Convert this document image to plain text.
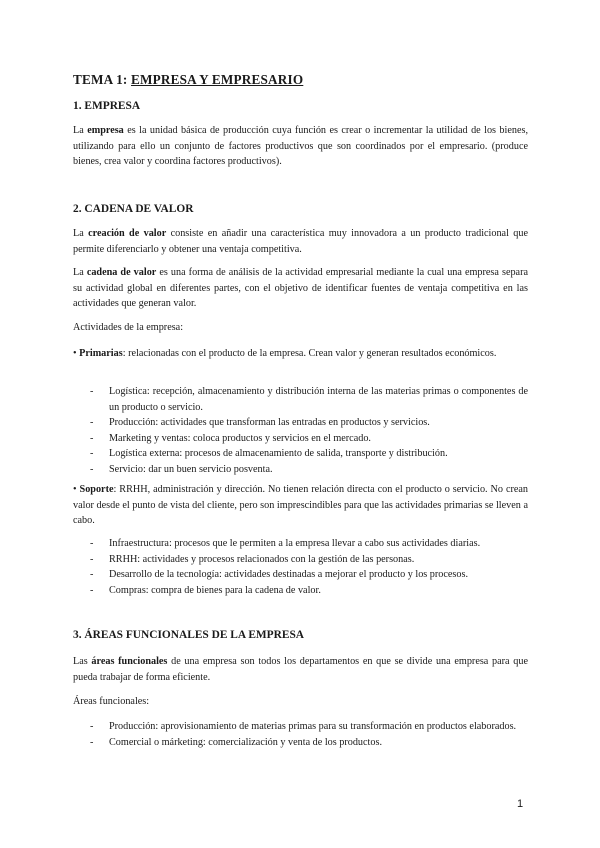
TEMA 1: EMPRESA Y EMPRESARIO
1. EMPRESA

La empresa es la unidad básica de producción cuya función es crear o incrementar la utilidad de los bienes, utilizando para ello un conjunto de factores productivos que son coordinados por el empresario. (produce bienes, crea valor y coordina factores productivos).

2. CADENA DE VALOR

La creación de valor consiste en añadir una característica muy innovadora a un producto tradicional que permite diferenciarlo y obtener una ventaja competitiva.

La cadena de valor es una forma de análisis de la actividad empresarial mediante la cual una empresa separa su actividad global en diferentes partes, con el objetivo de identificar fuentes de ventaja competitiva en las actividades que generan valor.

Actividades de la empresa:

• Primarias: relacionadas con el producto de la empresa. Crean valor y generan resultados económicos.

- Logística: recepción, almacenamiento y distribución interna de las materias primas o componentes de un producto o servicio.
- Producción: actividades que transforman las entradas en productos y servicios.
- Marketing y ventas: coloca productos y servicios en el mercado.
- Logística externa: procesos de almacenamiento de salida, transporte y distribución.
- Servicio: dar un buen servicio posventa.

• Soporte: RRHH, administración y dirección. No tienen relación directa con el producto o servicio. No crean valor desde el punto de vista del cliente, pero son imprescindibles para que las actividades primarias se lleven a cabo.

- Infraestructura: procesos que le permiten a la empresa llevar a cabo sus actividades diarias.
- RRHH: actividades y procesos relacionados con la gestión de las personas.
- Desarrollo de la tecnología: actividades destinadas a mejorar el producto y los procesos.
- Compras: compra de bienes para la cadena de valor.
3. ÁREAS FUNCIONALES DE LA EMPRESA

Las áreas funcionales de una empresa son todos los departamentos en que se divide una empresa para que pueda trabajar de forma eficiente.

Áreas funcionales:

- Producción: aprovisionamiento de materias primas para su transformación en productos elaborados.
- Comercial o márketing: comercialización y venta de los productos.
1
